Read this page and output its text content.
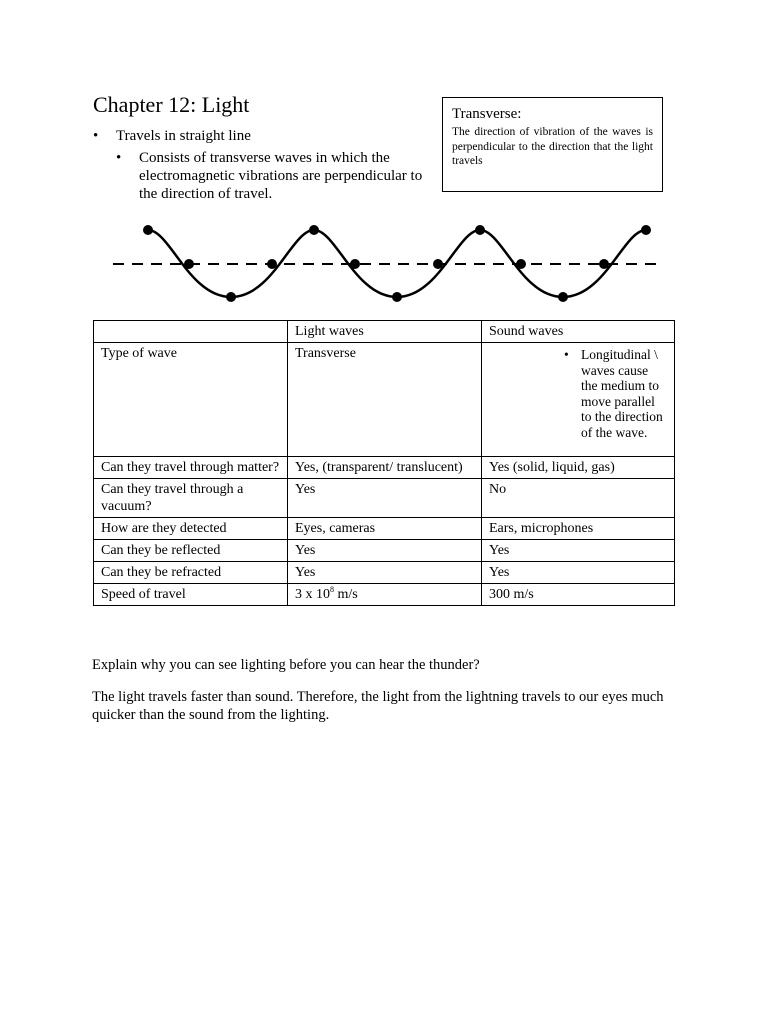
Chapter 12: Light
• Travels in straight line
• Consists of transverse waves in which the electromagnetic vibrations are perpendicular to the direction of travel.
Transverse:
The direction of vibration of the waves is perpendicular to the direction that the light travels
	Light waves	Sound waves
Type of wave	Transverse	• Longitudinal \ waves cause the medium to move parallel to the direction of the wave.

Can they travel through matter?	Yes, (transparent/ translucent)	Yes (solid, liquid, gas)
Can they travel through a vacuum?	Yes	No
How are they detected	Eyes, cameras	Ears, microphones
Can they be reflected	Yes	Yes
Can they be refracted	Yes	Yes
Speed of travel	3 x $10^8$ m/s	300 m/s
Explain why you can see lighting before you can hear the thunder?
The light travels faster than sound. Therefore, the light from the lightning travels to our eyes much quicker than the sound from the lighting.
